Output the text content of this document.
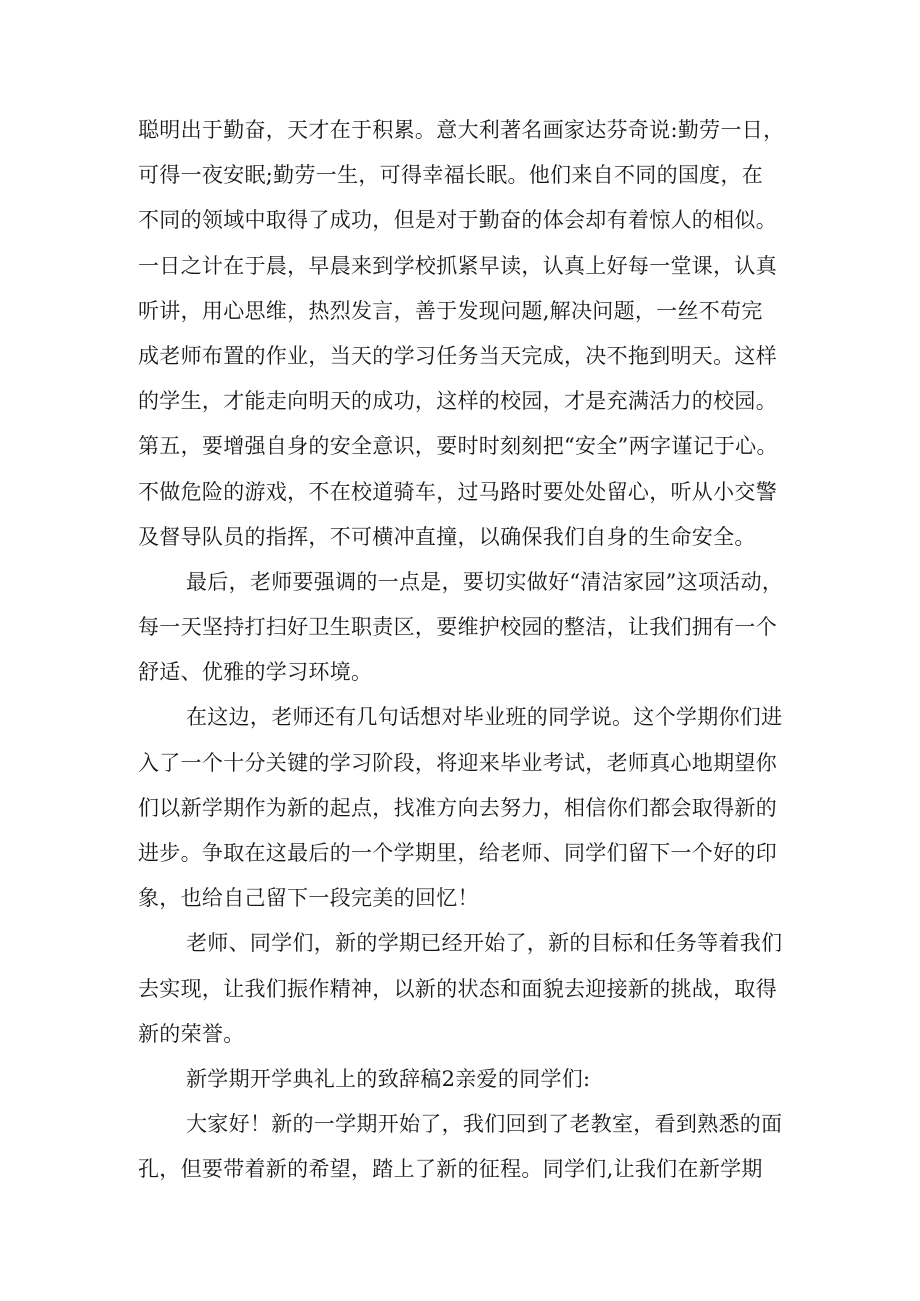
聪明出于勤奋，天才在于积累。意大利著名画家达芬奇说:勤劳一日，
可得一夜安眠;勤劳一生，可得幸福长眠。他们来自不同的国度，在
不同的领域中取得了成功，但是对于勤奋的体会却有着惊人的相似。
一日之计在于晨，早晨来到学校抓紧早读，认真上好每一堂课，认真
听讲，用心思维，热烈发言，善于发现问题,解决问题，一丝不苟完
成老师布置的作业，当天的学习任务当天完成，决不拖到明天。这样
的学生，才能走向明天的成功，这样的校园，才是充满活力的校园。
第五，要增强自身的安全意识，要时时刻刻把“安全”两字谨记于心。
不做危险的游戏，不在校道骑车，过马路时要处处留心，听从小交警
及督导队员的指挥，不可横冲直撞，以确保我们自身的生命安全。
最后，老师要强调的一点是，要切实做好“清洁家园”这项活动，
每一天坚持打扫好卫生职责区，要维护校园的整洁，让我们拥有一个
舒适、优雅的学习环境。
在这边，老师还有几句话想对毕业班的同学说。这个学期你们进
入了一个十分关键的学习阶段，将迎来毕业考试，老师真心地期望你
们以新学期作为新的起点，找准方向去努力，相信你们都会取得新的
进步。争取在这最后的一个学期里，给老师、同学们留下一个好的印
象，也给自己留下一段完美的回忆！
老师、同学们，新的学期已经开始了，新的目标和任务等着我们
去实现，让我们振作精神，以新的状态和面貌去迎接新的挑战，取得
新的荣誉。
新学期开学典礼上的致辞稿2亲爱的同学们:
大家好！新的一学期开始了，我们回到了老教室，看到熟悉的面
孔，但要带着新的希望，踏上了新的征程。同学们,让我们在新学期
